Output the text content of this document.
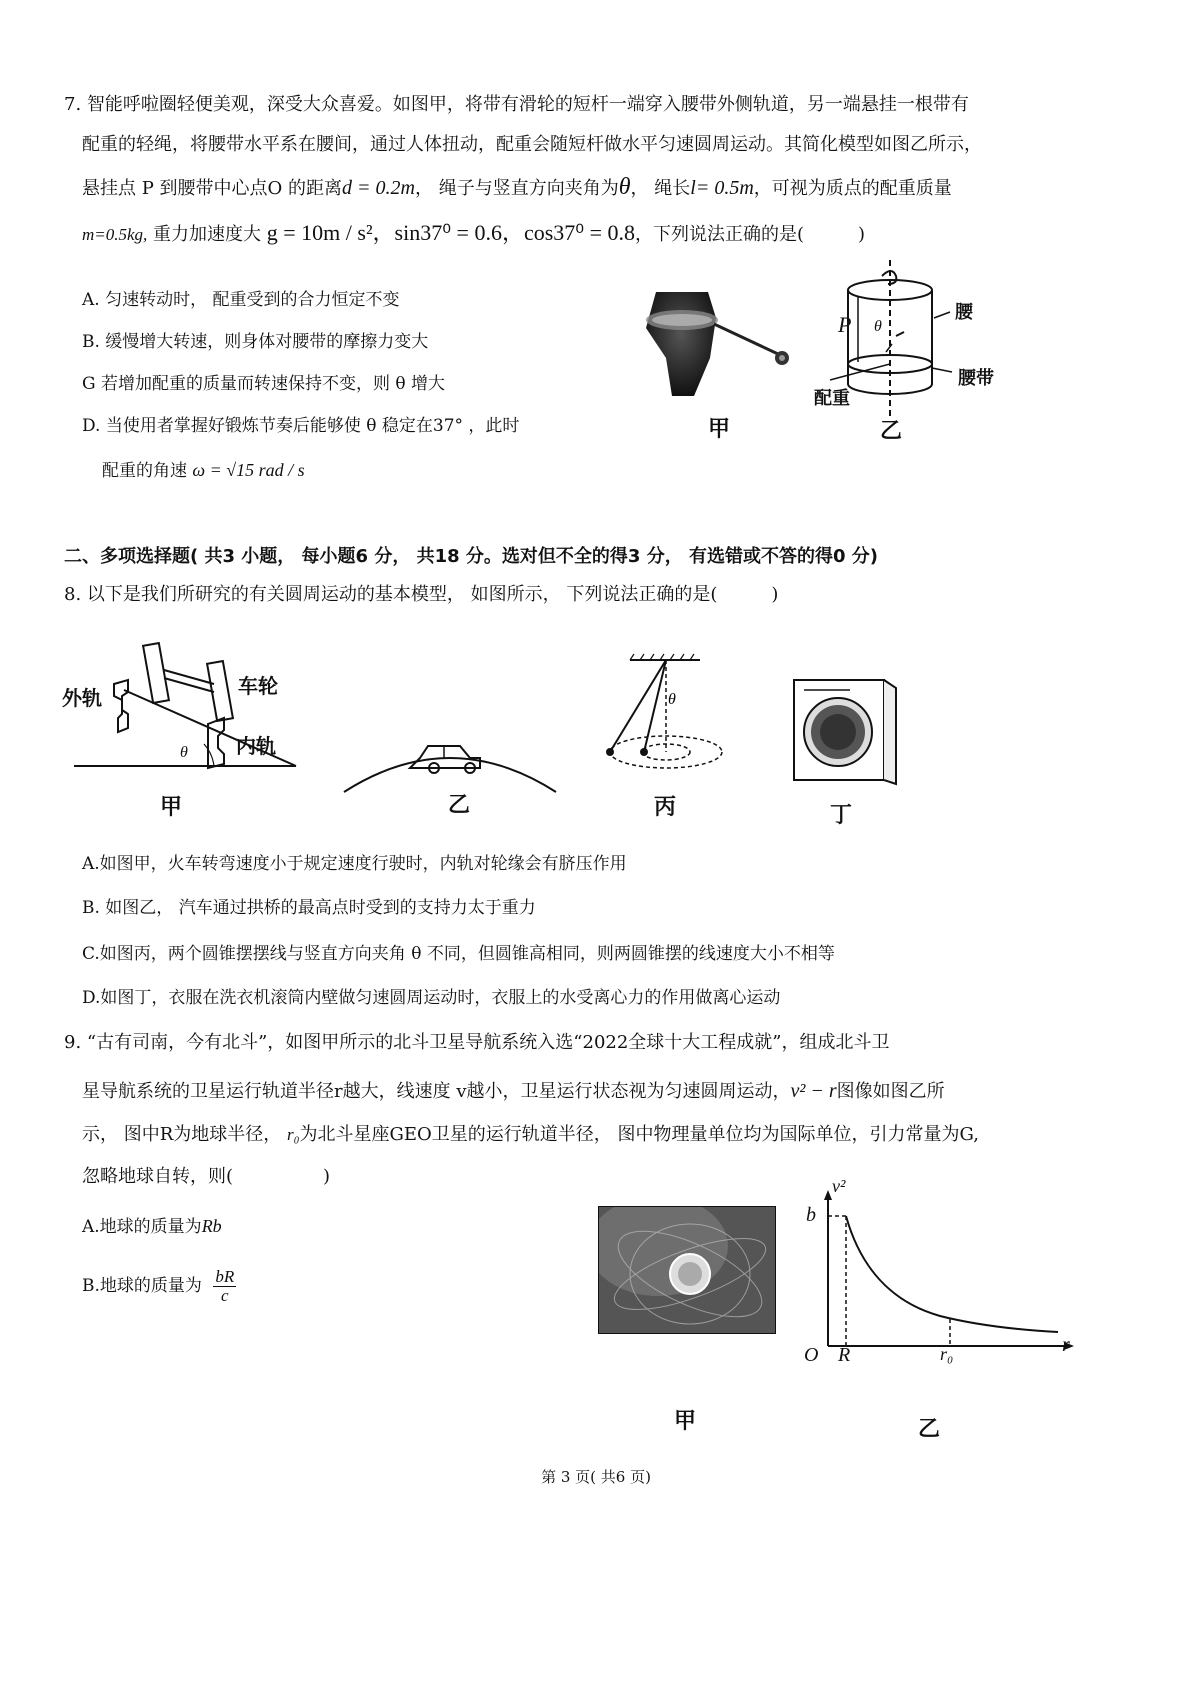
7. 智能呼啦圈轻便美观，深受大众喜爱。如图甲，将带有滑轮的短杆一端穿入腰带外侧轨道，另一端悬挂一根带有
配重的轻绳，将腰带水平系在腰间，通过人体扭动，配重会随短杆做水平匀速圆周运动。其简化模型如图乙所示，
悬挂点 P 到腰带中心点O 的距离d = 0.2m， 绳子与竖直方向夹角为θ， 绳长l= 0.5m，可视为质点的配重质量
m=0.5kg, 重力加速度大 g = 10m / s²，sin37⁰ = 0.6，cos37⁰ = 0.8，下列说法正确的是(　　　)
A. 匀速转动时， 配重受到的合力恒定不变
B. 缓慢增大转速，则身体对腰带的摩擦力变大
G 若增加配重的质量而转速保持不变，则 θ 增大
D. 当使用者掌握好锻炼节奏后能够使 θ 稳定在37° ，此时
配重的角速 ω = √15 rad / s
甲
P θ
腰
腰带
配重
乙
二、多项选择题( 共3 小题， 每小题6 分， 共18 分。选对但不全的得3 分， 有选错或不答的得0 分)
8. 以下是我们所研究的有关圆周运动的基本模型， 如图所示， 下列说法正确的是(　　　)
外轨	车轮
内轨
θ
甲	乙
θ
丙	丁
A.如图甲，火车转弯速度小于规定速度行驶时，内轨对轮缘会有脐压作用
B. 如图乙， 汽车通过拱桥的最高点时受到的支持力太于重力
C.如图丙，两个圆锥摆摆线与竖直方向夹角 θ 不同，但圆锥高相同，则两圆锥摆的线速度大小不相等
D.如图丁，衣服在洗衣机滚筒内壁做匀速圆周运动时，衣服上的水受离心力的作用做离心运动
9. “古有司南，今有北斗”，如图甲所示的北斗卫星导航系统入选“2022全球十大工程成就”，组成北斗卫
星导航系统的卫星运行轨道半径r越大，线速度 v越小，卫星运行状态视为匀速圆周运动，v² − r图像如图乙所
示， 图中R为地球半径， r₀为北斗星座GEO卫星的运行轨道半径， 图中物理量单位均为国际单位，引力常量为G,
忽略地球自转，则(　　　　　)
A.地球的质量为Rb
B.地球的质量为 $\frac{bR}{c}$
甲
v²
b
O R	r₀	r
乙
第 3 页( 共6 页)
